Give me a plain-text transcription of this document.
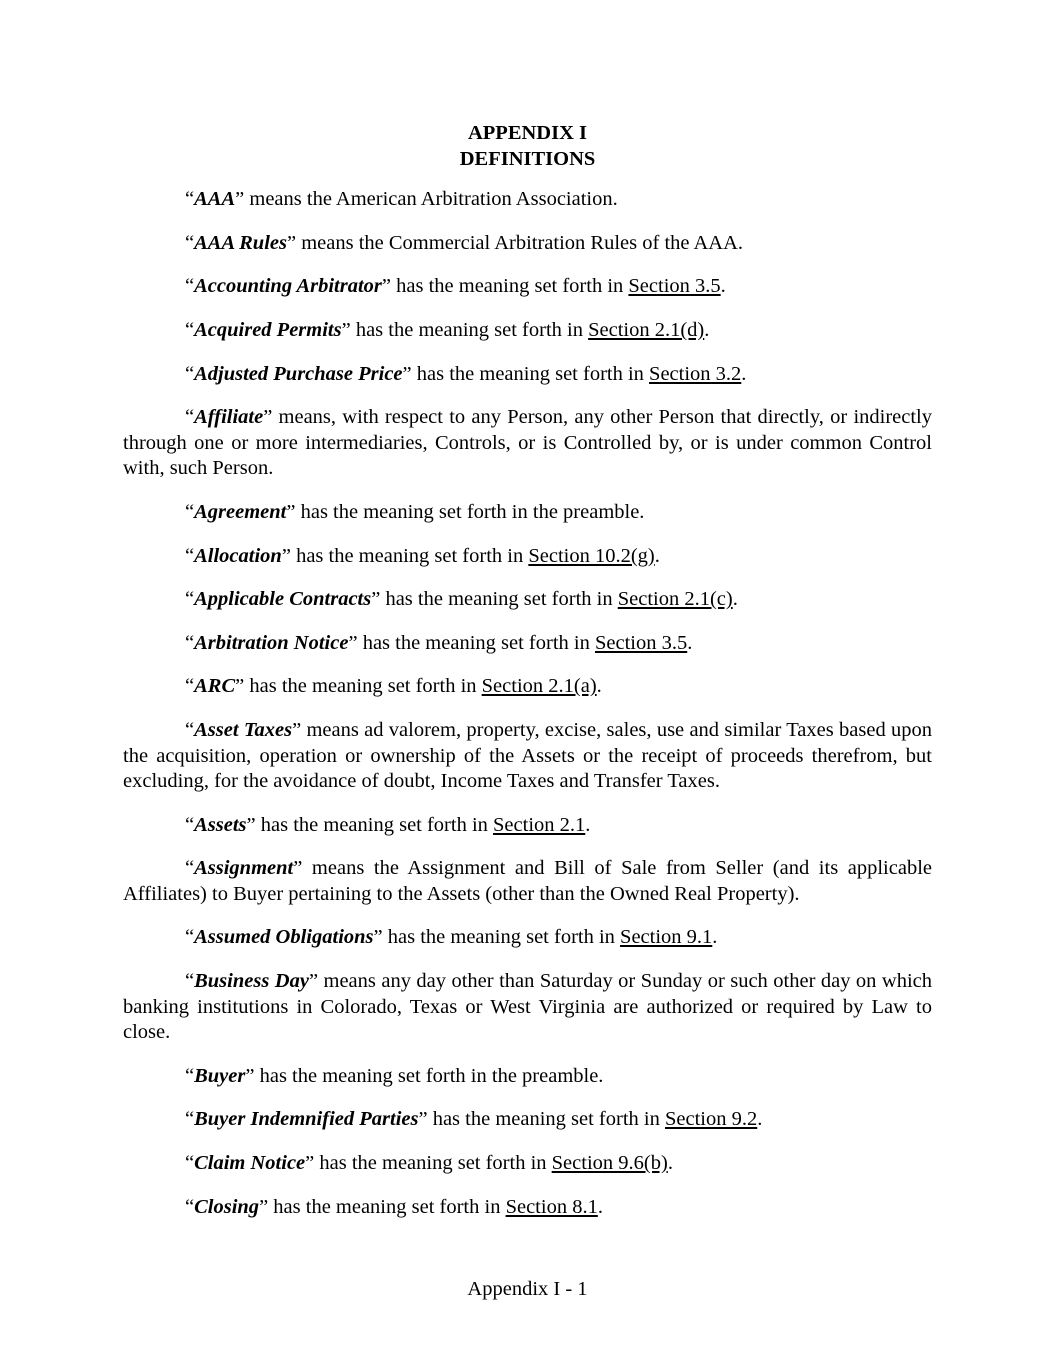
APPENDIX I
DEFINITIONS

“AAA” means the American Arbitration Association.

“AAA Rules” means the Commercial Arbitration Rules of the AAA.

“Accounting Arbitrator” has the meaning set forth in Section 3.5.

“Acquired Permits” has the meaning set forth in Section 2.1(d).

“Adjusted Purchase Price” has the meaning set forth in Section 3.2.

“Affiliate” means, with respect to any Person, any other Person that directly, or indirectly through one or more intermediaries, Controls, or is Controlled by, or is under common Control with, such Person.

“Agreement” has the meaning set forth in the preamble.

“Allocation” has the meaning set forth in Section 10.2(g).

“Applicable Contracts” has the meaning set forth in Section 2.1(c).

“Arbitration Notice” has the meaning set forth in Section 3.5.

“ARC” has the meaning set forth in Section 2.1(a).

“Asset Taxes” means ad valorem, property, excise, sales, use and similar Taxes based upon the acquisition, operation or ownership of the Assets or the receipt of proceeds therefrom, but excluding, for the avoidance of doubt, Income Taxes and Transfer Taxes.

“Assets” has the meaning set forth in Section 2.1.

“Assignment” means the Assignment and Bill of Sale from Seller (and its applicable Affiliates) to Buyer pertaining to the Assets (other than the Owned Real Property).

“Assumed Obligations” has the meaning set forth in Section 9.1.

“Business Day” means any day other than Saturday or Sunday or such other day on which banking institutions in Colorado, Texas or West Virginia are authorized or required by Law to close.

“Buyer” has the meaning set forth in the preamble.

“Buyer Indemnified Parties” has the meaning set forth in Section 9.2.

“Claim Notice” has the meaning set forth in Section 9.6(b).

“Closing” has the meaning set forth in Section 8.1.

Appendix I - 1
